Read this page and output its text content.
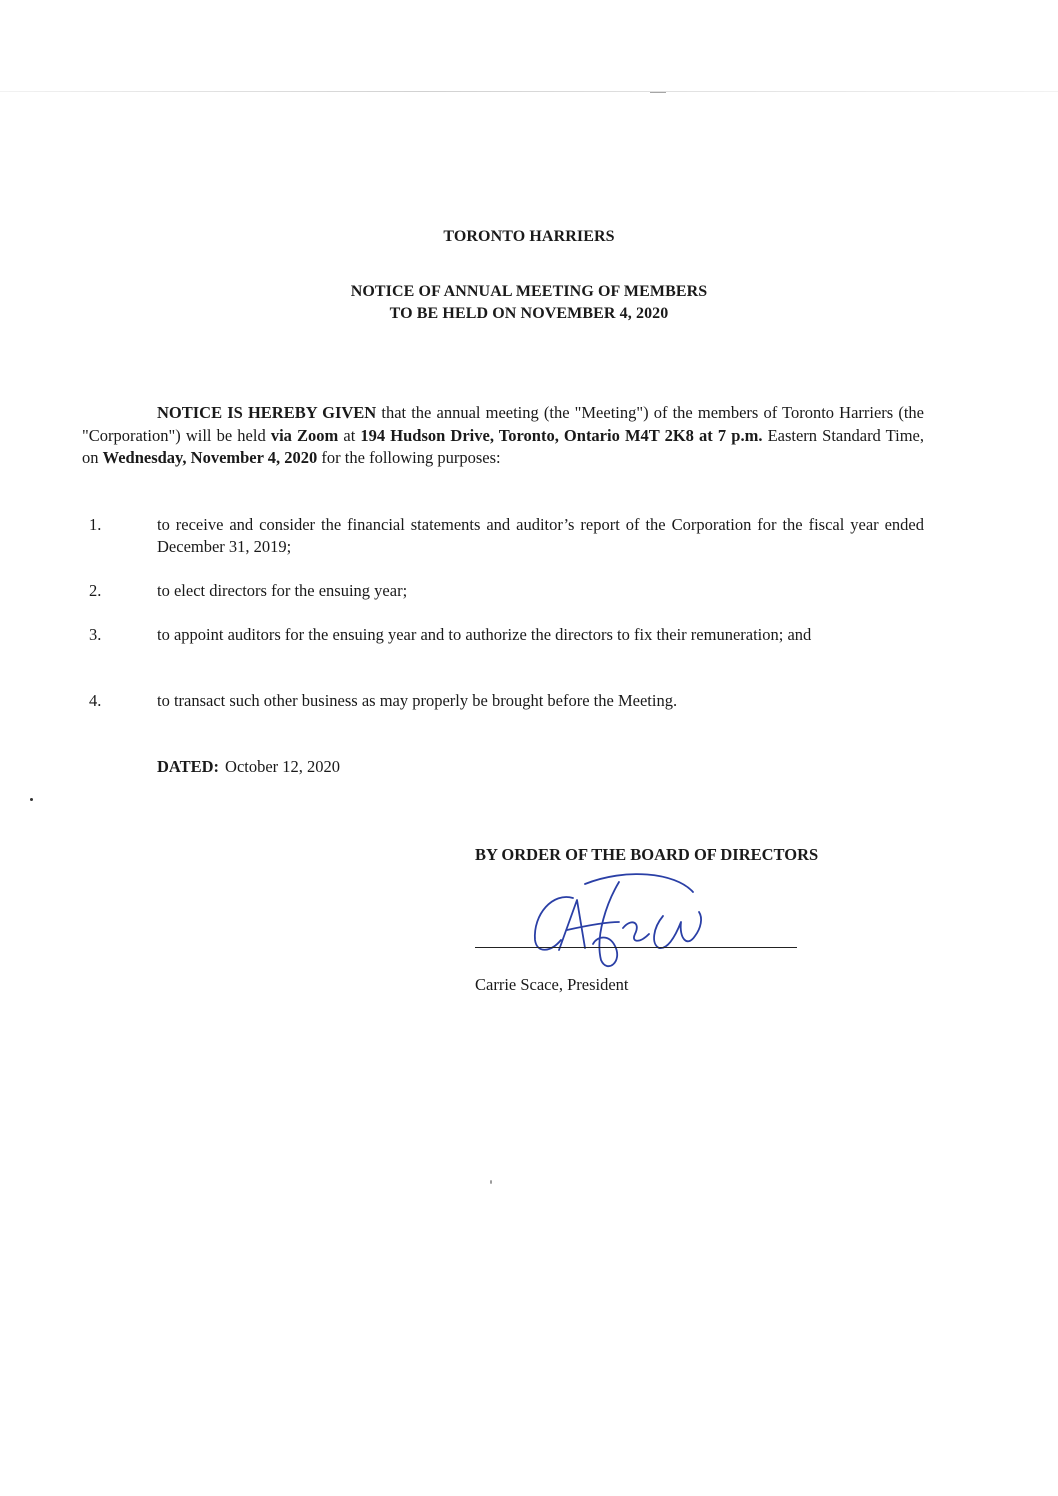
TORONTO HARRIERS
NOTICE OF ANNUAL MEETING OF MEMBERS
TO BE HELD ON NOVEMBER 4, 2020

NOTICE IS HEREBY GIVEN that the annual meeting (the "Meeting") of the members of Toronto Harriers (the "Corporation") will be held via Zoom at 194 Hudson Drive, Toronto, Ontario M4T 2K8 at 7 p.m. Eastern Standard Time, on Wednesday, November 4, 2020 for the following purposes:

1.	to receive and consider the financial statements and auditor’s report of the Corporation for the fiscal year ended December 31, 2019;
2.	to elect directors for the ensuing year;
3.	to appoint auditors for the ensuing year and to authorize the directors to fix their remuneration; and
4.	to transact such other business as may properly be brought before the Meeting.
DATED: October 12, 2020
BY ORDER OF THE BOARD OF DIRECTORS
Carrie Scace, President
